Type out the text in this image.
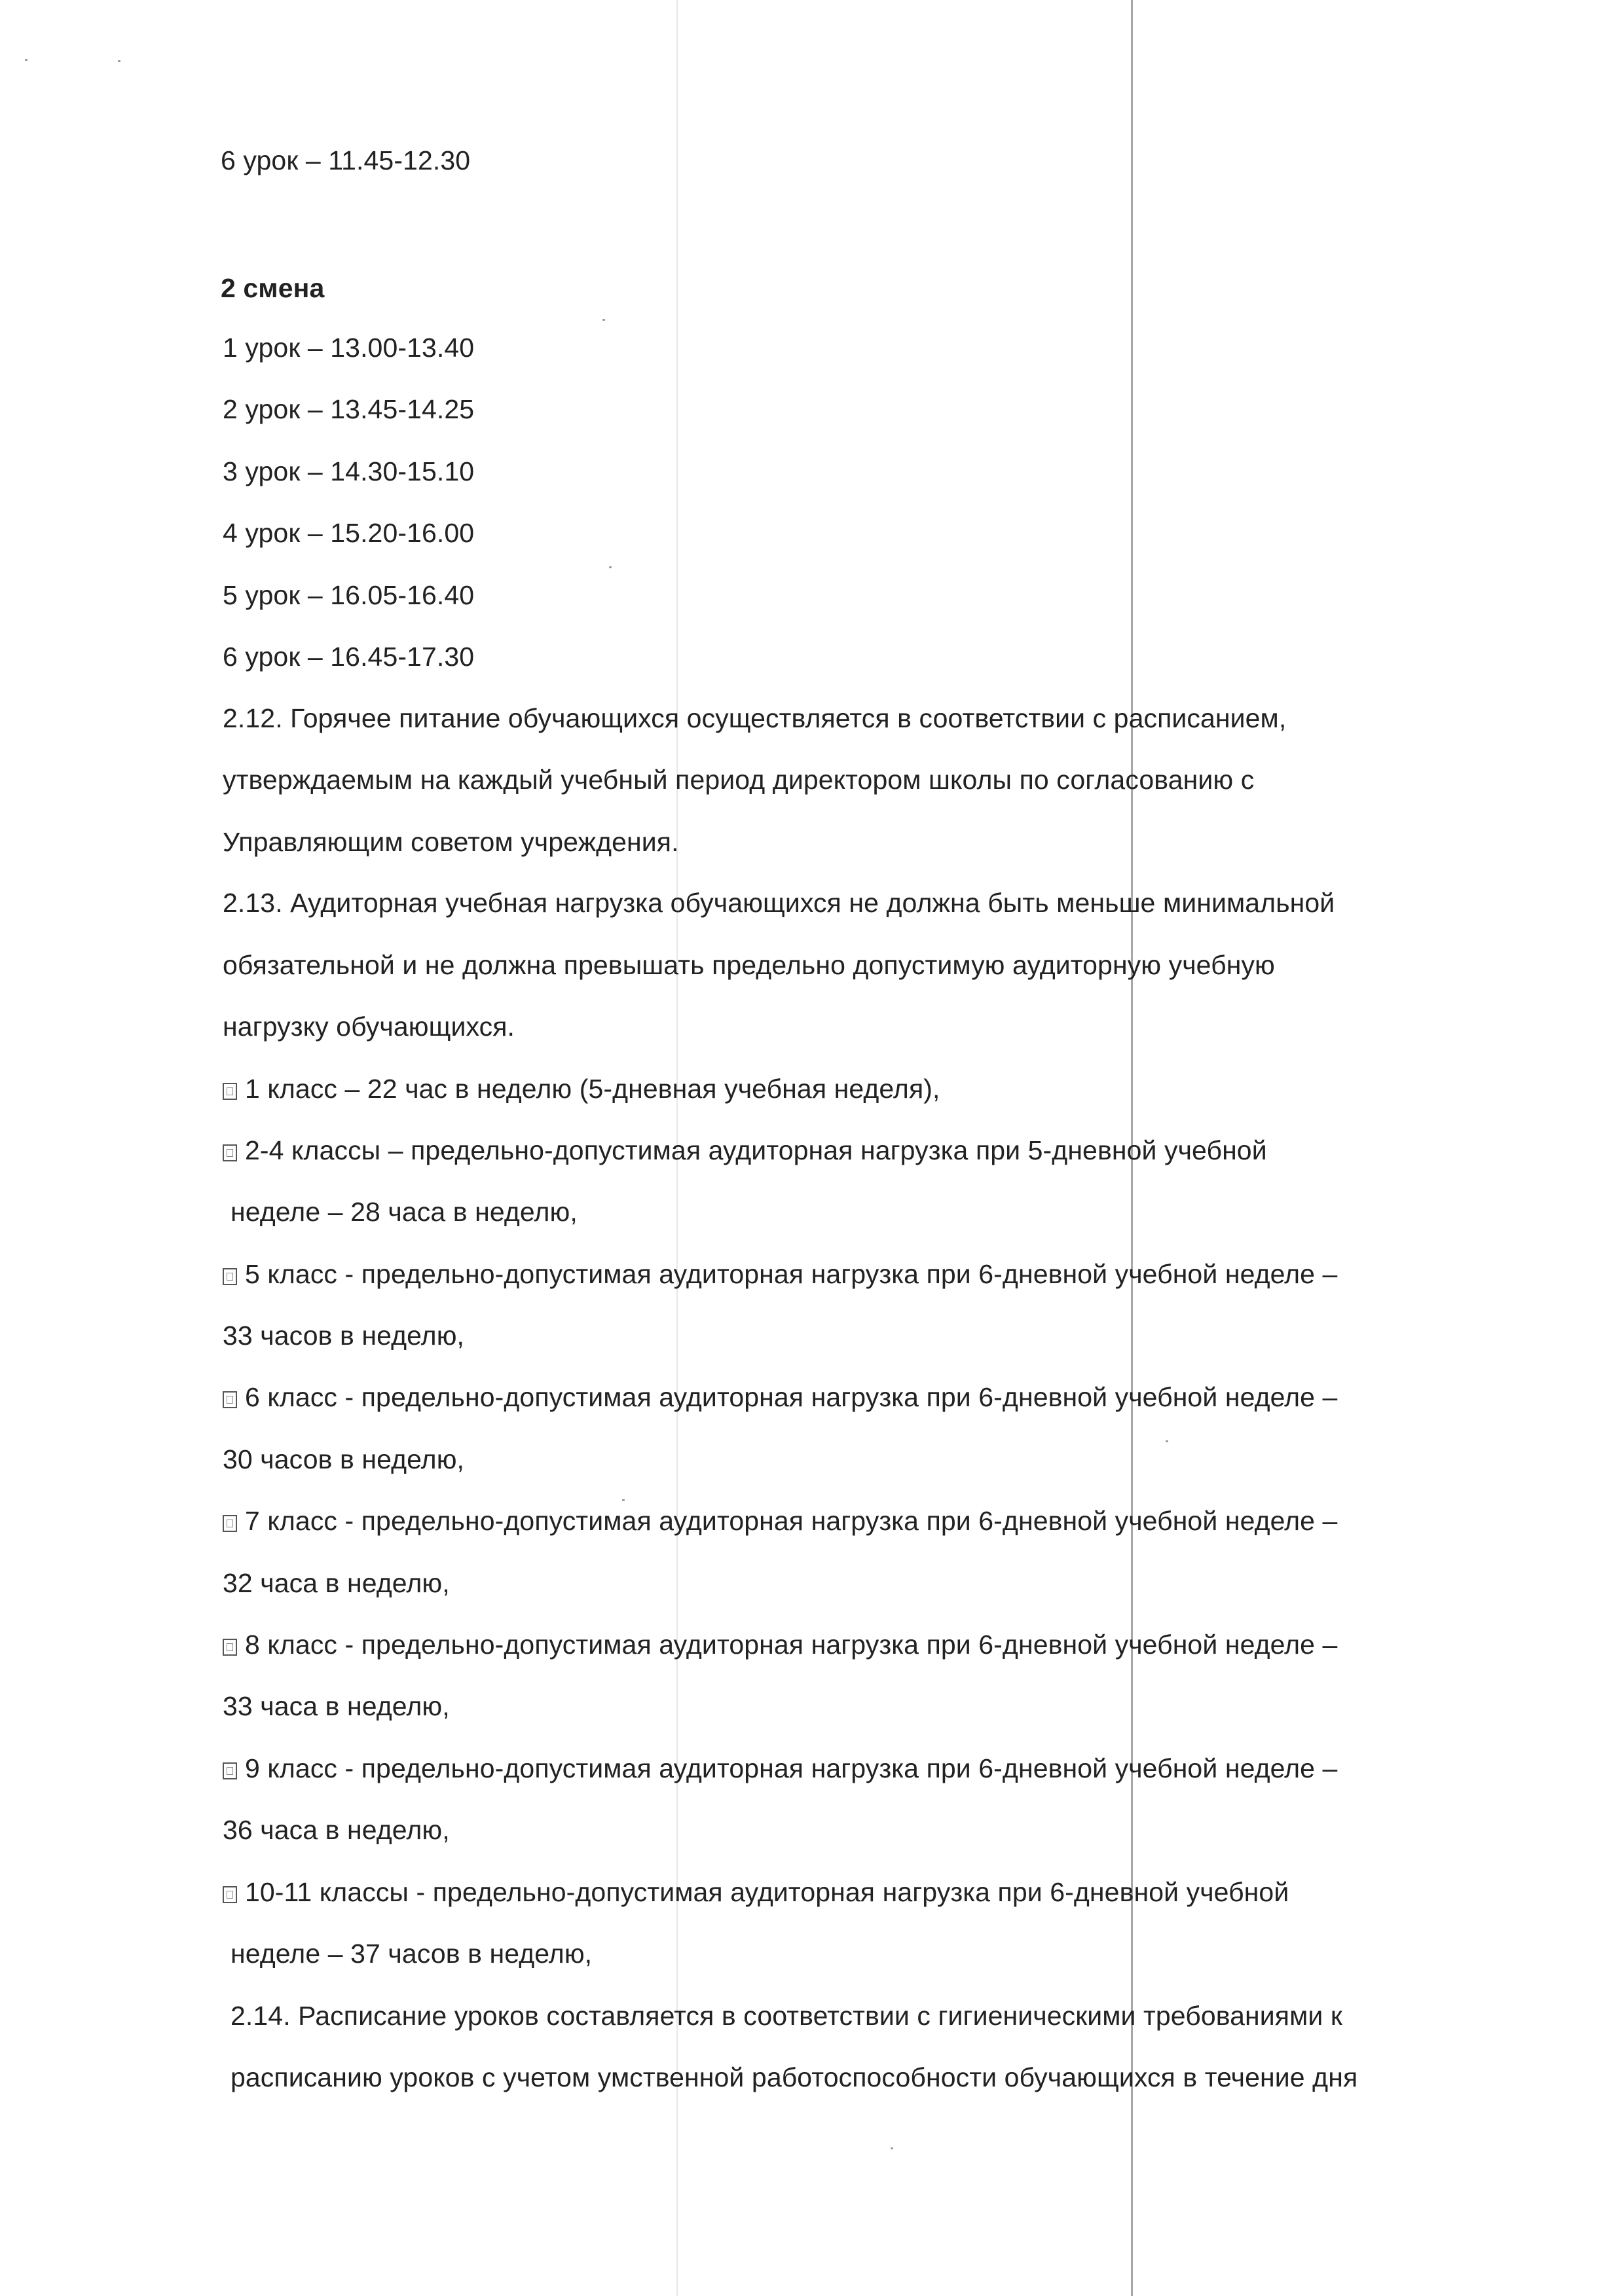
6 урок – 11.45-12.30
2 смена
1 урок – 13.00-13.40
2 урок – 13.45-14.25
3 урок – 14.30-15.10
4 урок – 15.20-16.00
5 урок – 16.05-16.40
6 урок – 16.45-17.30
2.12. Горячее питание обучающихся осуществляется в соответствии с расписанием,
утверждаемым на каждый учебный период директором школы по согласованию с
Управляющим советом учреждения.
2.13. Аудиторная учебная нагрузка обучающихся не должна быть меньше минимальной
обязательной и не должна превышать предельно допустимую аудиторную учебную
нагрузку обучающихся.
1 класс – 22 час в неделю (5-дневная учебная неделя),
2-4 классы – предельно-допустимая аудиторная нагрузка при 5-дневной учебной
неделе – 28 часа в неделю,
5 класс - предельно-допустимая аудиторная нагрузка при 6-дневной учебной неделе –
33 часов в неделю,
6 класс - предельно-допустимая аудиторная нагрузка при 6-дневной учебной неделе –
30 часов в неделю,
7 класс - предельно-допустимая аудиторная нагрузка при 6-дневной учебной неделе –
32 часа в неделю,
8 класс - предельно-допустимая аудиторная нагрузка при 6-дневной учебной неделе –
33 часа в неделю,
9 класс - предельно-допустимая аудиторная нагрузка при 6-дневной учебной неделе –
36 часа в неделю,
10-11 классы - предельно-допустимая аудиторная нагрузка при 6-дневной учебной
неделе – 37 часов в неделю,
2.14. Расписание уроков составляется в соответствии с гигиеническими требованиями к
расписанию уроков с учетом умственной работоспособности обучающихся в течение дня
